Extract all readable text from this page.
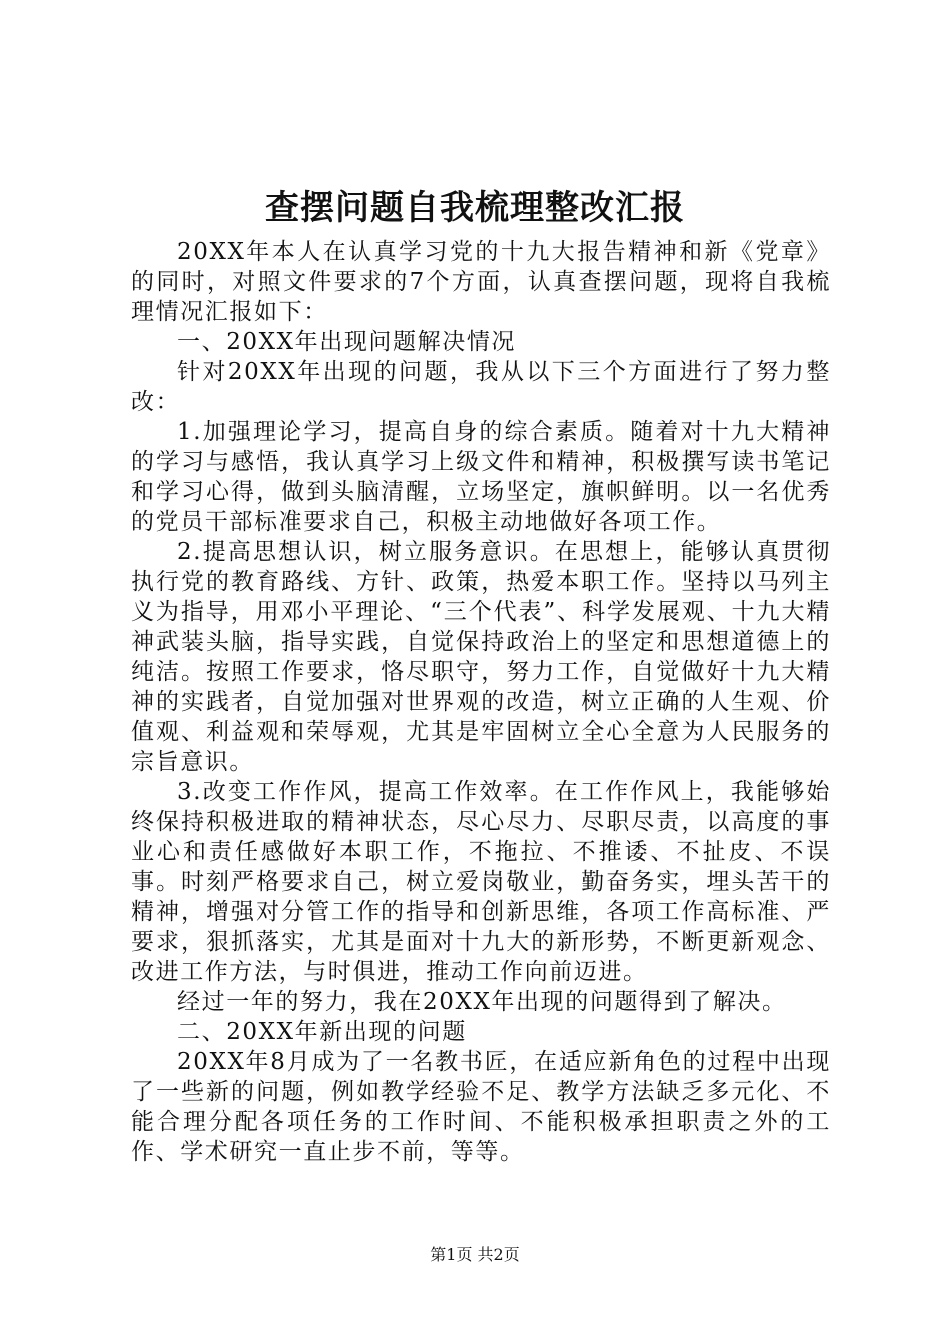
查摆问题自我梳理整改汇报

20XX年本人在认真学习党的十九大报告精神和新《党章》的同时，对照文件要求的7个方面，认真查摆问题，现将自我梳理情况汇报如下：

一、20XX年出现问题解决情况

针对20XX年出现的问题，我从以下三个方面进行了努力整改：

1.加强理论学习，提高自身的综合素质。随着对十九大精神的学习与感悟，我认真学习上级文件和精神，积极撰写读书笔记和学习心得，做到头脑清醒，立场坚定，旗帜鲜明。以一名优秀的党员干部标准要求自己，积极主动地做好各项工作。

2.提高思想认识，树立服务意识。在思想上，能够认真贯彻执行党的教育路线、方针、政策，热爱本职工作。坚持以马列主义为指导，用邓小平理论、“三个代表”、科学发展观、十九大精神武装头脑，指导实践，自觉保持政治上的坚定和思想道德上的纯洁。按照工作要求，恪尽职守，努力工作，自觉做好十九大精神的实践者，自觉加强对世界观的改造，树立正确的人生观、价值观、利益观和荣辱观，尤其是牢固树立全心全意为人民服务的宗旨意识。

3.改变工作作风，提高工作效率。在工作作风上，我能够始终保持积极进取的精神状态，尽心尽力、尽职尽责，以高度的事业心和责任感做好本职工作，不拖拉、不推诿、不扯皮、不误事。时刻严格要求自己，树立爱岗敬业，勤奋务实，埋头苦干的精神，增强对分管工作的指导和创新思维，各项工作高标准、严要求，狠抓落实，尤其是面对十九大的新形势，不断更新观念、改进工作方法，与时俱进，推动工作向前迈进。

经过一年的努力，我在20XX年出现的问题得到了解决。

二、20XX年新出现的问题

20XX年8月成为了一名教书匠，在适应新角色的过程中出现了一些新的问题，例如教学经验不足、教学方法缺乏多元化、不能合理分配各项任务的工作时间、不能积极承担职责之外的工作、学术研究一直止步不前，等等。

第1页 共2页
